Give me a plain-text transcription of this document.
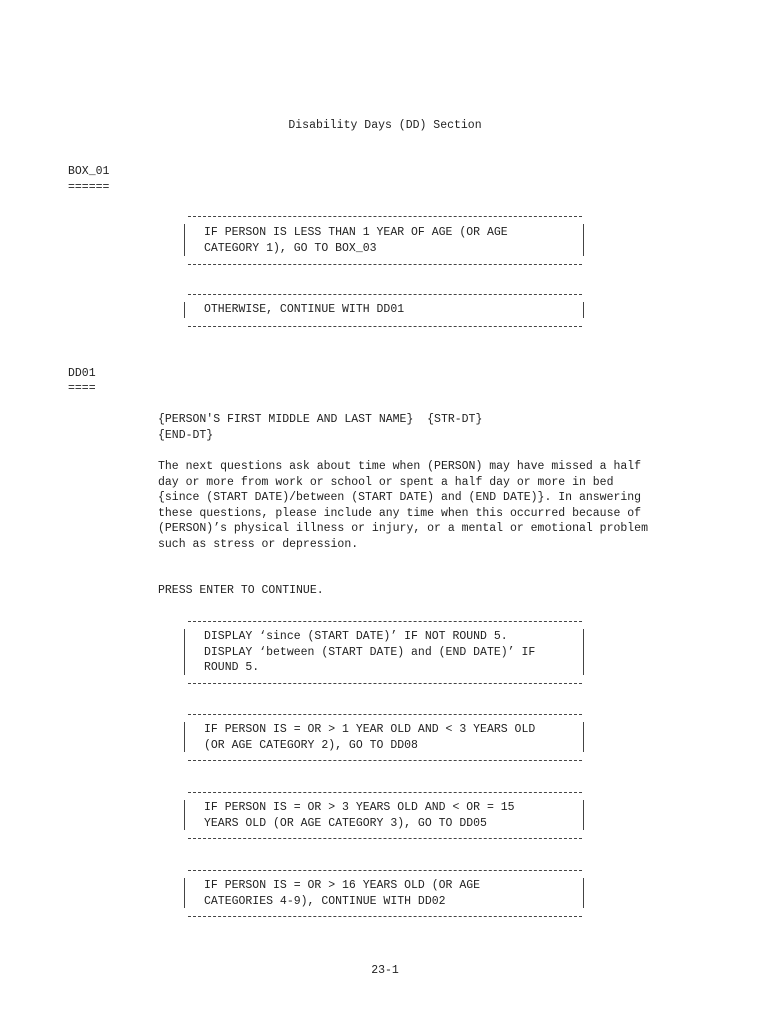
Disability Days (DD) Section
BOX_01
======
IF PERSON IS LESS THAN 1 YEAR OF AGE (OR AGE
CATEGORY 1), GO TO BOX_03
OTHERWISE, CONTINUE WITH DD01
DD01
====
{PERSON'S FIRST MIDDLE AND LAST NAME}  {STR-DT}
{END-DT}
The next questions ask about time when (PERSON) may have missed a half day or more from work or school or spent a half day or more in bed {since (START DATE)/between (START DATE) and (END DATE)}. In answering these questions, please include any time when this occurred because of (PERSON)’s physical illness or injury, or a mental or emotional problem such as stress or depression.
PRESS ENTER TO CONTINUE.
DISPLAY ‘since (START DATE)’ IF NOT ROUND 5.
DISPLAY ‘between (START DATE) and (END DATE)’ IF
ROUND 5.
IF PERSON IS = OR > 1 YEAR OLD AND < 3 YEARS OLD
(OR AGE CATEGORY 2), GO TO DD08
IF PERSON IS = OR > 3 YEARS OLD AND < OR = 15
YEARS OLD (OR AGE CATEGORY 3), GO TO DD05
IF PERSON IS = OR > 16 YEARS OLD (OR AGE
CATEGORIES 4-9), CONTINUE WITH DD02
23-1
